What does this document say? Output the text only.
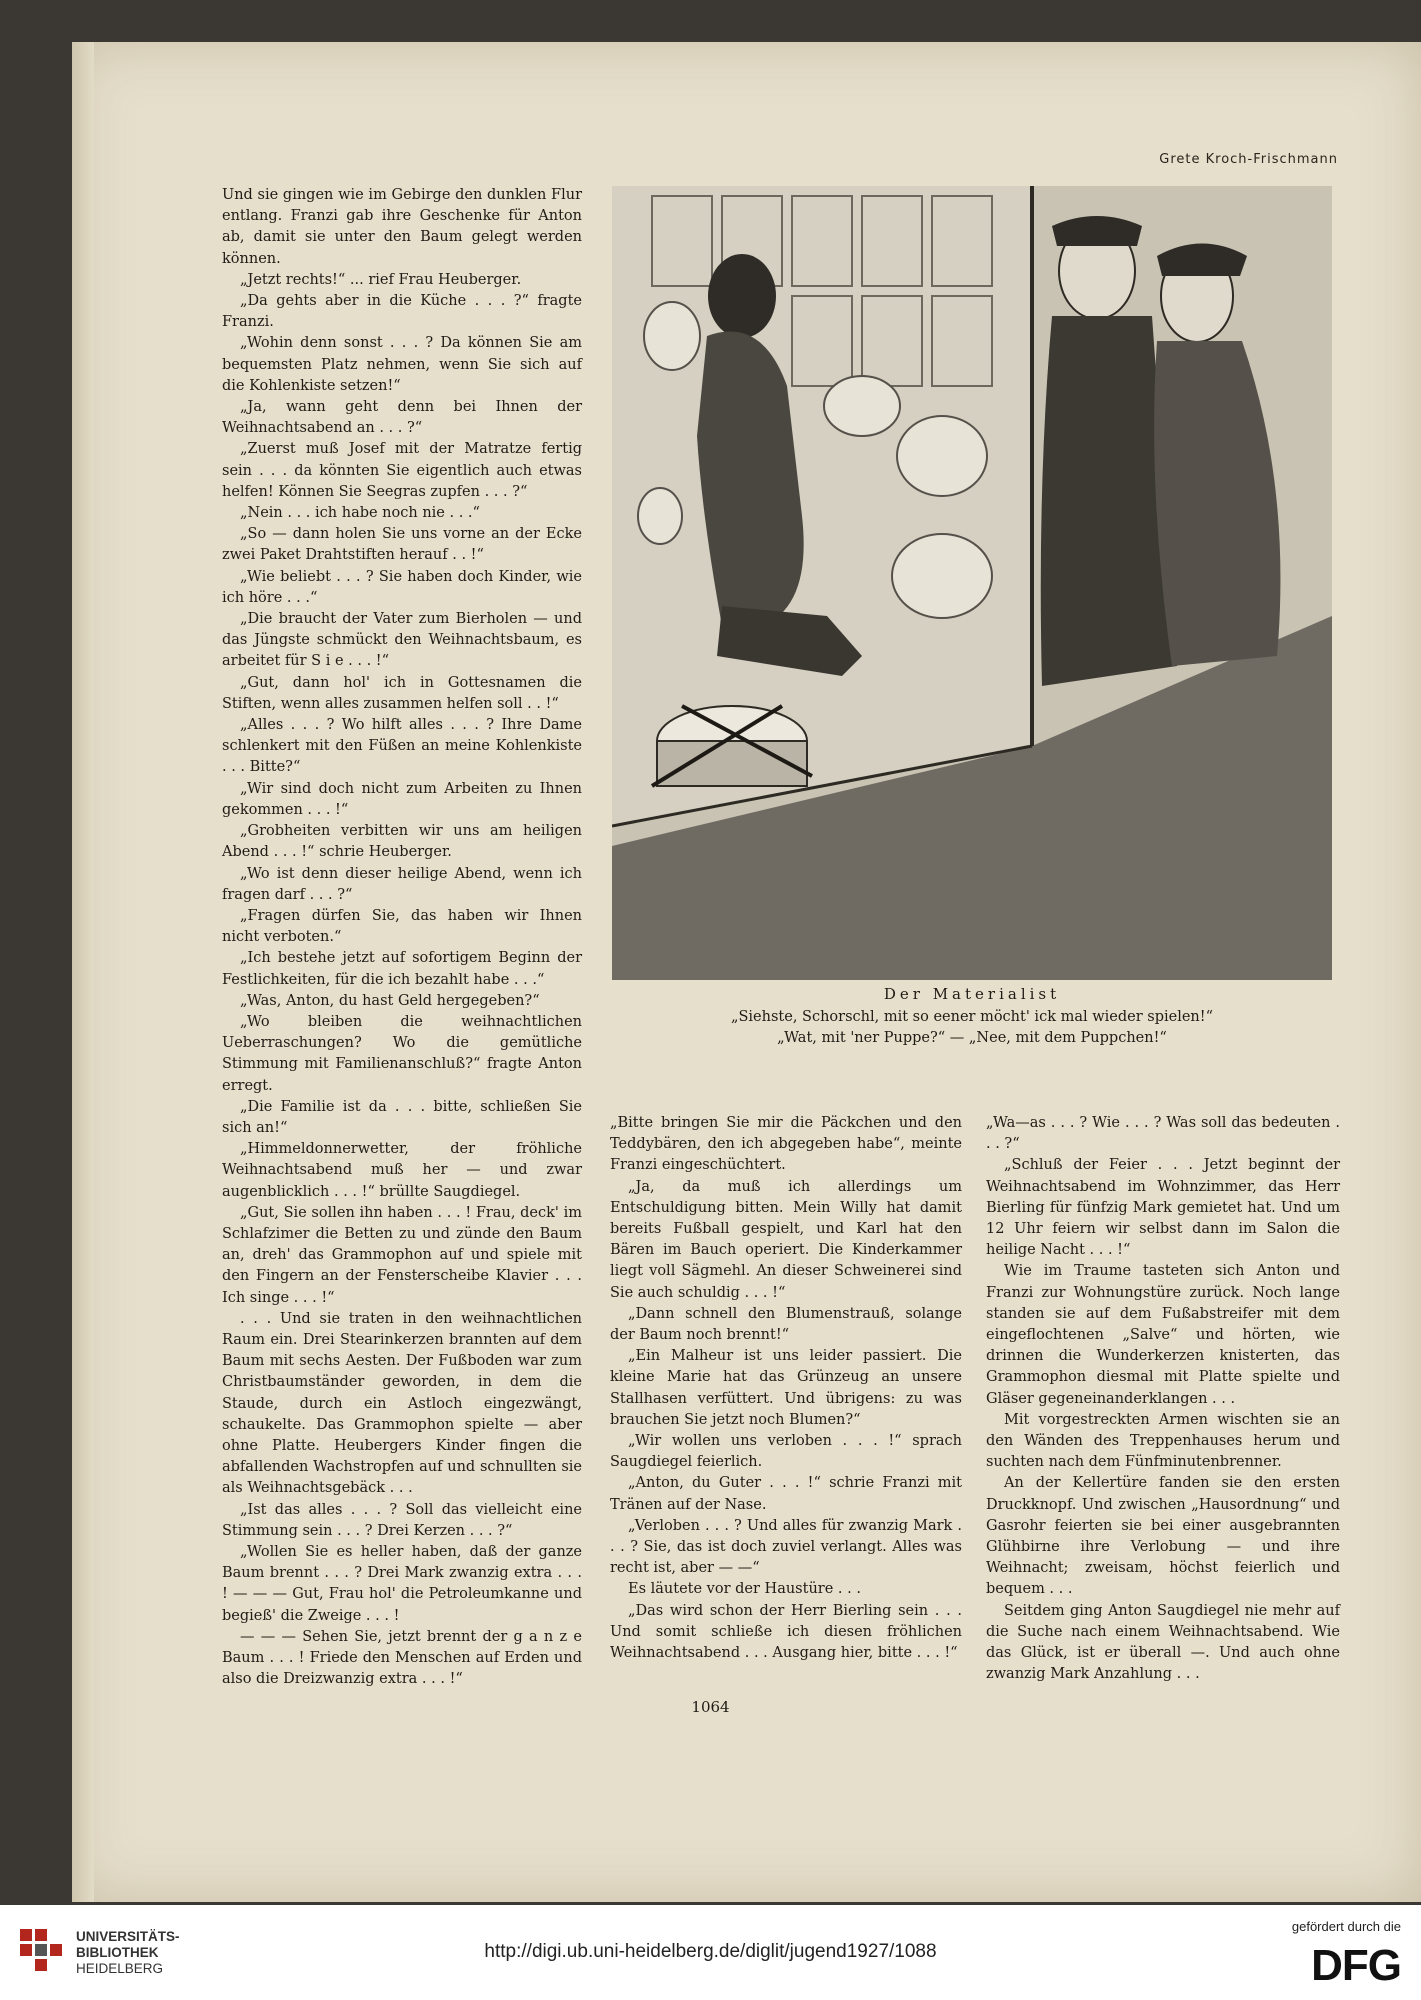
Grete Kroch-Frischmann

Und sie gingen wie im Gebirge den dunklen Flur entlang. Franzi gab ihre Geschenke für Anton ab, damit sie unter den Baum gelegt werden können.

„Jetzt rechts!“ ... rief Frau Heuberger.

„Da gehts aber in die Küche . . . ?“ fragte Franzi.

„Wohin denn sonst . . . ? Da können Sie am bequemsten Platz nehmen, wenn Sie sich auf die Kohlenkiste setzen!“

„Ja, wann geht denn bei Ihnen der Weihnachtsabend an . . . ?“

„Zuerst muß Josef mit der Matratze fertig sein . . . da könnten Sie eigentlich auch etwas helfen! Können Sie Seegras zupfen . . . ?“

„Nein . . . ich habe noch nie . . .“

„So — dann holen Sie uns vorne an der Ecke zwei Paket Drahtstiften herauf . . !“

„Wie beliebt . . . ? Sie haben doch Kinder, wie ich höre . . .“

„Die braucht der Vater zum Bierholen — und das Jüngste schmückt den Weihnachtsbaum, es arbeitet für S i e . . . !“

„Gut, dann hol' ich in Gottesnamen die Stiften, wenn alles zusammen helfen soll . . !“

„Alles . . . ? Wo hilft alles . . . ? Ihre Dame schlenkert mit den Füßen an meine Kohlenkiste . . . Bitte?“

„Wir sind doch nicht zum Arbeiten zu Ihnen gekommen . . . !“

„Grobheiten verbitten wir uns am heiligen Abend . . . !“ schrie Heuberger.

„Wo ist denn dieser heilige Abend, wenn ich fragen darf . . . ?“

„Fragen dürfen Sie, das haben wir Ihnen nicht verboten.“

„Ich bestehe jetzt auf sofortigem Beginn der Festlichkeiten, für die ich bezahlt habe . . .“

„Was, Anton, du hast Geld hergegeben?“

„Wo bleiben die weihnachtlichen Ueberraschungen? Wo die gemütliche Stimmung mit Familienanschluß?“ fragte Anton erregt.

„Die Familie ist da . . . bitte, schließen Sie sich an!“

„Himmeldonnerwetter, der fröhliche Weihnachtsabend muß her — und zwar augenblicklich . . . !“ brüllte Saugdiegel.

„Gut, Sie sollen ihn haben . . . ! Frau, deck' im Schlafzimer die Betten zu und zünde den Baum an, dreh' das Grammophon auf und spiele mit den Fingern an der Fensterscheibe Klavier . . . Ich singe . . . !“

. . . Und sie traten in den weihnachtlichen Raum ein. Drei Stearinkerzen brannten auf dem Baum mit sechs Aesten. Der Fußboden war zum Christbaumständer geworden, in dem die Staude, durch ein Astloch eingezwängt, schaukelte. Das Grammophon spielte — aber ohne Platte. Heubergers Kinder fingen die abfallenden Wachstropfen auf und schnullten sie als Weihnachtsgebäck . . .

„Ist das alles . . . ? Soll das vielleicht eine Stimmung sein . . . ? Drei Kerzen . . . ?“

„Wollen Sie es heller haben, daß der ganze Baum brennt . . . ? Drei Mark zwanzig extra . . . ! — — — Gut, Frau hol' die Petroleumkanne und begieß' die Zweige . . . !

— — — Sehen Sie, jetzt brennt der g a n z e Baum . . . ! Friede den Menschen auf Erden und also die Dreizwanzig extra . . . !“

Der Materialist
„Siehste, Schorschl, mit so eener möcht' ick mal wieder spielen!“
„Wat, mit 'ner Puppe?“ — „Nee, mit dem Puppchen!“

„Bitte bringen Sie mir die Päckchen und den Teddybären, den ich abgegeben habe“, meinte Franzi eingeschüchtert.

„Ja, da muß ich allerdings um Entschuldigung bitten. Mein Willy hat damit bereits Fußball gespielt, und Karl hat den Bären im Bauch operiert. Die Kinderkammer liegt voll Sägmehl. An dieser Schweinerei sind Sie auch schuldig . . . !“

„Dann schnell den Blumenstrauß, solange der Baum noch brennt!“

„Ein Malheur ist uns leider passiert. Die kleine Marie hat das Grünzeug an unsere Stallhasen verfüttert. Und übrigens: zu was brauchen Sie jetzt noch Blumen?“

„Wir wollen uns verloben . . . !“ sprach Saugdiegel feierlich.

„Anton, du Guter . . . !“ schrie Franzi mit Tränen auf der Nase.

„Verloben . . . ? Und alles für zwanzig Mark . . . ? Sie, das ist doch zuviel verlangt. Alles was recht ist, aber — —“

Es läutete vor der Haustüre . . .

„Das wird schon der Herr Bierling sein . . . Und somit schließe ich diesen fröhlichen Weihnachtsabend . . . Ausgang hier, bitte . . . !“

„Wa—as . . . ? Wie . . . ? Was soll das bedeuten . . . ?“

„Schluß der Feier . . . Jetzt beginnt der Weihnachtsabend im Wohnzimmer, das Herr Bierling für fünfzig Mark gemietet hat. Und um 12 Uhr feiern wir selbst dann im Salon die heilige Nacht . . . !“

Wie im Traume tasteten sich Anton und Franzi zur Wohnungstüre zurück. Noch lange standen sie auf dem Fußabstreifer mit dem eingeflochtenen „Salve“ und hörten, wie drinnen die Wunderkerzen knisterten, das Grammophon diesmal mit Platte spielte und Gläser gegeneinanderklangen . . .

Mit vorgestreckten Armen wischten sie an den Wänden des Treppenhauses herum und suchten nach dem Fünfminutenbrenner.

An der Kellertüre fanden sie den ersten Druckknopf. Und zwischen „Hausordnung“ und Gasrohr feierten sie bei einer ausgebrannten Glühbirne ihre Verlobung — und ihre Weihnacht; zweisam, höchst feierlich und bequem . . .

Seitdem ging Anton Saugdiegel nie mehr auf die Suche nach einem Weihnachtsabend. Wie das Glück, ist er überall —. Und auch ohne zwanzig Mark Anzahlung . . .

1064
UNIVERSITÄTS-
BIBLIOTHEK
HEIDELBERG
http://digi.ub.uni-heidelberg.de/diglit/jugend1927/1088
gefördert durch die
DFG
